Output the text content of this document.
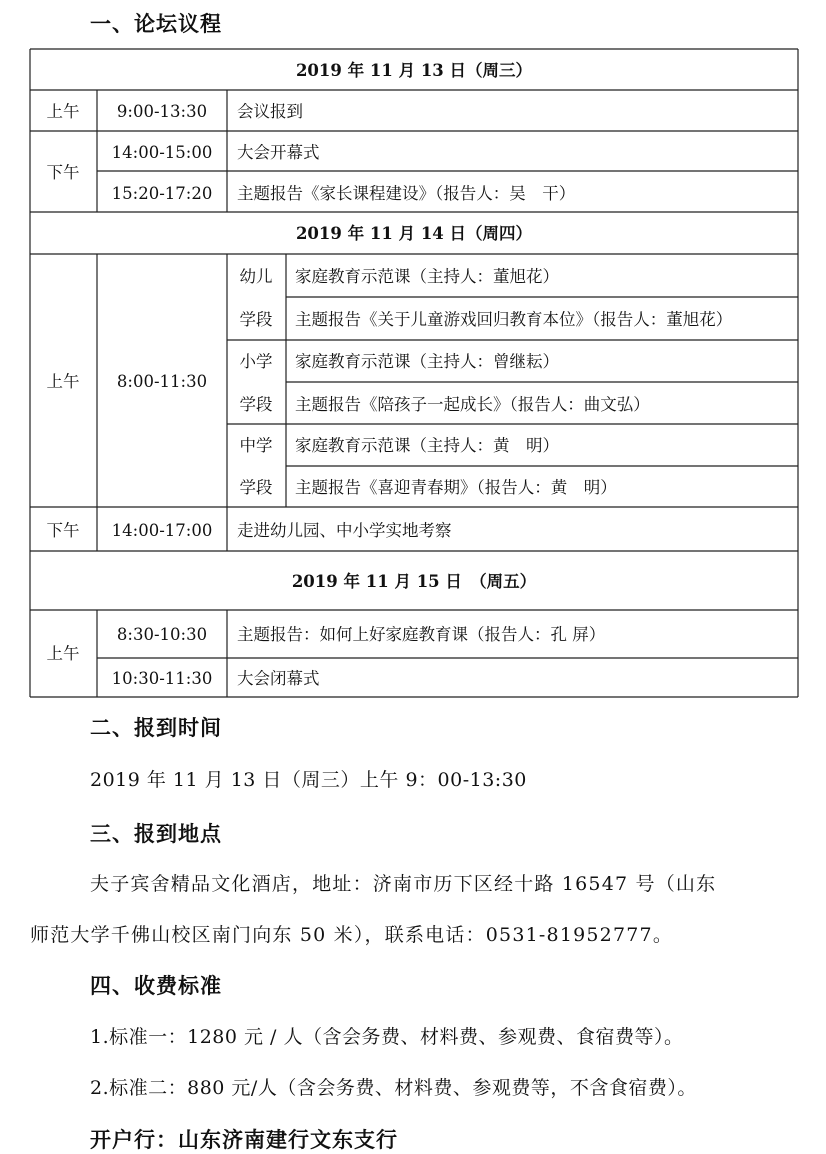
一、论坛议程
2019 年 11 月 13 日（周三）
上午 9:00-13:30 会议报到
下午
14:00-15:00 大会开幕式
15:20-17:20 主题报告《家长课程建设》（报告人：吴　干）
2019 年 11 月 14 日（周四）
上午 8:00-11:30
幼儿
学段
家庭教育示范课（主持人：董旭花）
主题报告《关于儿童游戏回归教育本位》（报告人：董旭花）
小学
学段
家庭教育示范课（主持人：曾继耘）
主题报告《陪孩子一起成长》（报告人：曲文弘）
中学
学段
家庭教育示范课（主持人：黄　明）
主题报告《喜迎青春期》（报告人：黄　明）
下午 14:00-17:00 走进幼儿园、中小学实地考察
2019 年 11 月 15 日　（周五）
上午
8:30-10:30 主题报告：如何上好家庭教育课（报告人：孔 屏）
10:30-11:30 大会闭幕式
二、报到时间
2019 年 11 月 13 日（周三）上午 9：00-13:30
三、报到地点
夫子宾舍精品文化酒店，地址：济南市历下区经十路 16547 号（山东
师范大学千佛山校区南门向东 50 米），联系电话：0531-81952777。
四、收费标准
1.标准一：1280 元 / 人（含会务费、材料费、参观费、食宿费等）。
2.标准二：880 元/人（含会务费、材料费、参观费等，不含食宿费）。
开户行：山东济南建行文东支行
